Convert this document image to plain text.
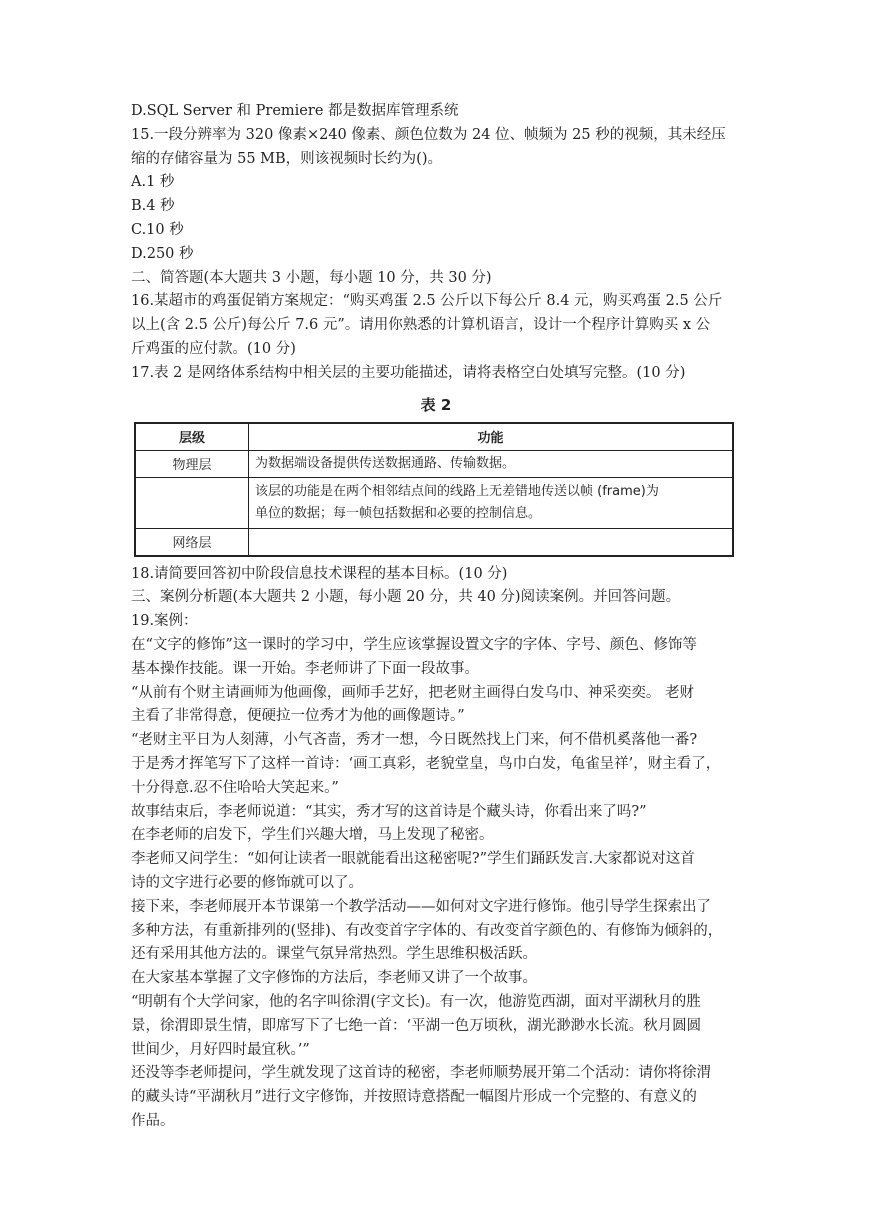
D.SQL Server 和 Premiere 都是数据库管理系统
15.一段分辨率为 320 像素×240 像素、颜色位数为 24 位、帧频为 25 秒的视频，其未经压
缩的存储容量为 55 MB，则该视频时长约为()。
A.1 秒
B.4 秒
C.10 秒
D.250 秒
二、简答题(本大题共 3 小题，每小题 10 分，共 30 分)
16.某超市的鸡蛋促销方案规定：“购买鸡蛋 2.5 公斤以下每公斤 8.4 元，购买鸡蛋 2.5 公斤
以上(含 2.5 公斤)每公斤 7.6 元”。请用你熟悉的计算机语言，设计一个程序计算购买 x 公
斤鸡蛋的应付款。(10 分)
17.表 2 是网络体系结构中相关层的主要功能描述，请将表格空白处填写完整。(10 分)
表 2
层级	功能
物理层	为数据端设备提供传送数据通路、传输数据。

	该层的功能是在两个相邻结点间的线路上无差错地传送以帧 (frame)为
单位的数据；每一帧包括数据和必要的控制信息。

网络层	
18.请简要回答初中阶段信息技术课程的基本目标。(10 分)
三、案例分析题(本大题共 2 小题，每小题 20 分，共 40 分)阅读案例。并回答问题。
19.案例：
在“文字的修饰”这一课时的学习中，学生应该掌握设置文字的字体、字号、颜色、修饰等
基本操作技能。课一开始。李老师讲了下面一段故事。
“从前有个财主请画师为他画像，画师手艺好，把老财主画得白发乌巾、神采奕奕。 老财
主看了非常得意，便硬拉一位秀才为他的画像题诗。”
“老财主平日为人刻薄，小气吝啬，秀才一想，今日既然找上门来，何不借机奚落他一番?
于是秀才挥笔写下了这样一首诗：‘画工真彩，老貌堂皇，鸟巾白发，龟雀呈祥’，财主看了，
十分得意.忍不住哈哈大笑起来。”
故事结束后，李老师说道：“其实，秀才写的这首诗是个藏头诗，你看出来了吗?”
在李老师的启发下，学生们兴趣大增，马上发现了秘密。
李老师又问学生：“如何让读者一眼就能看出这秘密呢?”学生们踊跃发言.大家都说对这首
诗的文字进行必要的修饰就可以了。
接下来，李老师展开本节课第一个教学活动——如何对文字进行修饰。他引导学生探索出了
多种方法，有重新排列的(竖排)、有改变首字字体的、有改变首字颜色的、有修饰为倾斜的，
还有采用其他方法的。课堂气氛异常热烈。学生思维积极活跃。
在大家基本掌握了文字修饰的方法后，李老师又讲了一个故事。
“明朝有个大学问家，他的名字叫徐渭(字文长)。有一次，他游览西湖，面对平湖秋月的胜
景，徐渭即景生情，即席写下了七绝一首：‘平湖一色万顷秋，湖光渺渺水长流。秋月圆圆
世间少，月好四时最宜秋。’”
还没等李老师提问，学生就发现了这首诗的秘密，李老师顺势展开第二个活动：请你将徐渭
的藏头诗“平湖秋月”进行文字修饰，并按照诗意搭配一幅图片形成一个完整的、有意义的
作品。
